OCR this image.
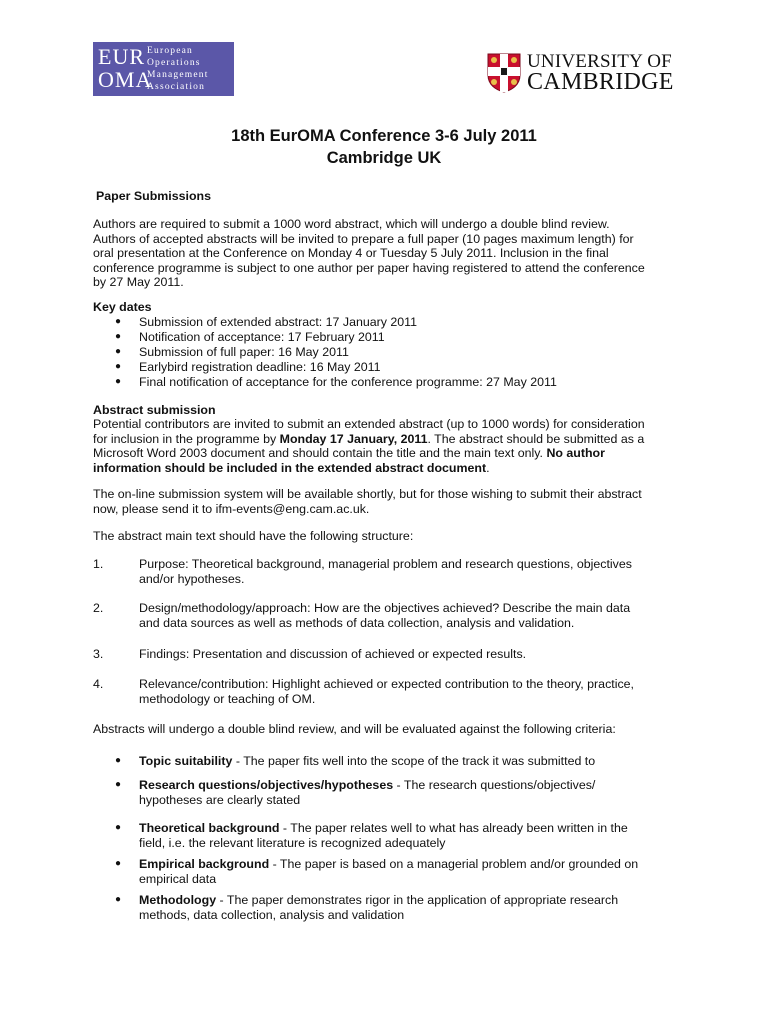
EUR
OMA
European
Operations
Management
Association
UNIVERSITY OF
CAMBRIDGE
18th EurOMA Conference 3-6 July 2011
Cambridge UK
Paper Submissions
Authors are required to submit a 1000 word abstract, which will undergo a double blind review.
Authors of accepted abstracts will be invited to prepare a full paper (10 pages maximum length) for
oral presentation at the Conference on Monday 4 or Tuesday 5 July 2011. Inclusion in the final
conference programme is subject to one author per paper having registered to attend the conference
by 27 May 2011.
Key dates
● Submission of extended abstract: 17 January 2011
● Notification of acceptance: 17 February 2011
● Submission of full paper: 16 May 2011
● Earlybird registration deadline: 16 May 2011
● Final notification of acceptance for the conference programme: 27 May 2011
Abstract submission
Potential contributors are invited to submit an extended abstract (up to 1000 words) for consideration
for inclusion in the programme by Monday 17 January, 2011. The abstract should be submitted as a
Microsoft Word 2003 document and should contain the title and the main text only. No author
information should be included in the extended abstract document.
The on-line submission system will be available shortly, but for those wishing to submit their abstract
now, please send it to ifm-events@eng.cam.ac.uk.
The abstract main text should have the following structure:
1.	Purpose: Theoretical background, managerial problem and research questions, objectives
and/or hypotheses.
2.	Design/methodology/approach: How are the objectives achieved? Describe the main data
and data sources as well as methods of data collection, analysis and validation.
3.	Findings: Presentation and discussion of achieved or expected results.
4.	Relevance/contribution: Highlight achieved or expected contribution to the theory, practice,
methodology or teaching of OM.
Abstracts will undergo a double blind review, and will be evaluated against the following criteria:
● Topic suitability - The paper fits well into the scope of the track it was submitted to
● Research questions/objectives/hypotheses - The research questions/objectives/
hypotheses are clearly stated
● Theoretical background - The paper relates well to what has already been written in the
field, i.e. the relevant literature is recognized adequately
● Empirical background - The paper is based on a managerial problem and/or grounded on
empirical data
● Methodology - The paper demonstrates rigor in the application of appropriate research
methods, data collection, analysis and validation
